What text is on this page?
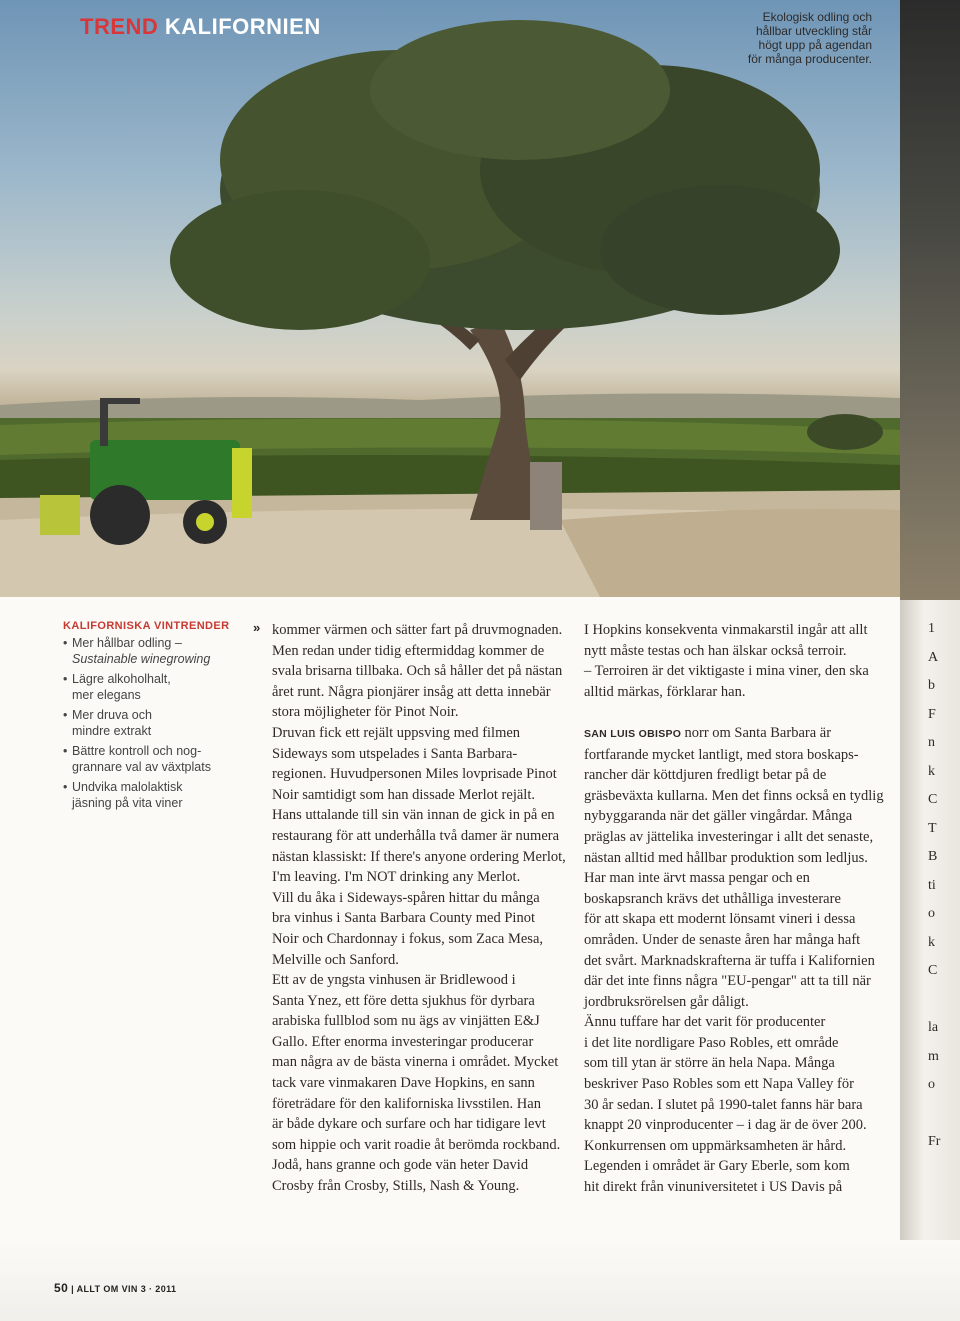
1
A
b
F
n
k
C
T
B
ti
o
k
C

la
m
o

Fr
TREND KALIFORNIEN	Ekologisk odling och
hållbar utveckling står
högt upp på agendan
för många producenter.
KALIFORNISKA VINTRENDER
• Mer hållbar odling –
Sustainable winegrowing
• Lägre alkoholhalt,
mer elegans
• Mer druva och
mindre extrakt
• Bättre kontroll och nog-
grannare val av växtplats
• Undvika malolaktisk
jäsning på vita viner
» kommer värmen och sätter fart på druvmognaden.
Men redan under tidig eftermiddag kommer de
svala brisarna tillbaka. Och så håller det på nästan
året runt. Några pionjärer insåg att detta innebär
stora möjligheter för Pinot Noir.
Druvan fick ett rejält uppsving med filmen
Sideways som utspelades i Santa Barbara-
regionen. Huvudpersonen Miles lovprisade Pinot
Noir samtidigt som han dissade Merlot rejält.
Hans uttalande till sin vän innan de gick in på en
restaurang för att underhålla två damer är numera
nästan klassiskt: If there's anyone ordering Merlot,
I'm leaving. I'm NOT drinking any Merlot.
Vill du åka i Sideways-spåren hittar du många
bra vinhus i Santa Barbara County med Pinot
Noir och Chardonnay i fokus, som Zaca Mesa,
Melville och Sanford.
Ett av de yngsta vinhusen är Bridlewood i
Santa Ynez, ett före detta sjukhus för dyrbara
arabiska fullblod som nu ägs av vinjätten E&J
Gallo. Efter enorma investeringar producerar
man några av de bästa vinerna i området. Mycket
tack vare vinmakaren Dave Hopkins, en sann
företrädare för den kaliforniska livsstilen. Han
är både dykare och surfare och har tidigare levt
som hippie och varit roadie åt berömda rockband.
Jodå, hans granne och gode vän heter David
Crosby från Crosby, Stills, Nash & Young.
I Hopkins konsekventa vinmakarstil ingår att allt
nytt måste testas och han älskar också terroir.
– Terroiren är det viktigaste i mina viner, den ska
alltid märkas, förklarar han.

SAN LUIS OBISPO norr om Santa Barbara är
fortfarande mycket lantligt, med stora boskaps-
rancher där köttdjuren fredligt betar på de
gräsbeväxta kullarna. Men det finns också en tydlig
nybyggaranda när det gäller vingårdar. Många
präglas av jättelika investeringar i allt det senaste,
nästan alltid med hållbar produktion som ledljus.
Har man inte ärvt massa pengar och en
boskapsranch krävs det uthålliga investerare
för att skapa ett modernt lönsamt vineri i dessa
områden. Under de senaste åren har många haft
det svårt. Marknadskrafterna är tuffa i Kalifornien
där det inte finns några "EU-pengar" att ta till när
jordbruksrörelsen går dåligt.
Ännu tuffare har det varit för producenter
i det lite nordligare Paso Robles, ett område
som till ytan är större än hela Napa. Många
beskriver Paso Robles som ett Napa Valley för
30 år sedan. I slutet på 1990-talet fanns här bara
knappt 20 vinproducenter – i dag är de över 200.
Konkurrensen om uppmärksamheten är hård.
Legenden i området är Gary Eberle, som kom
hit direkt från vinuniversitetet i US Davis på
50 | ALLT OM VIN 3 · 2011
